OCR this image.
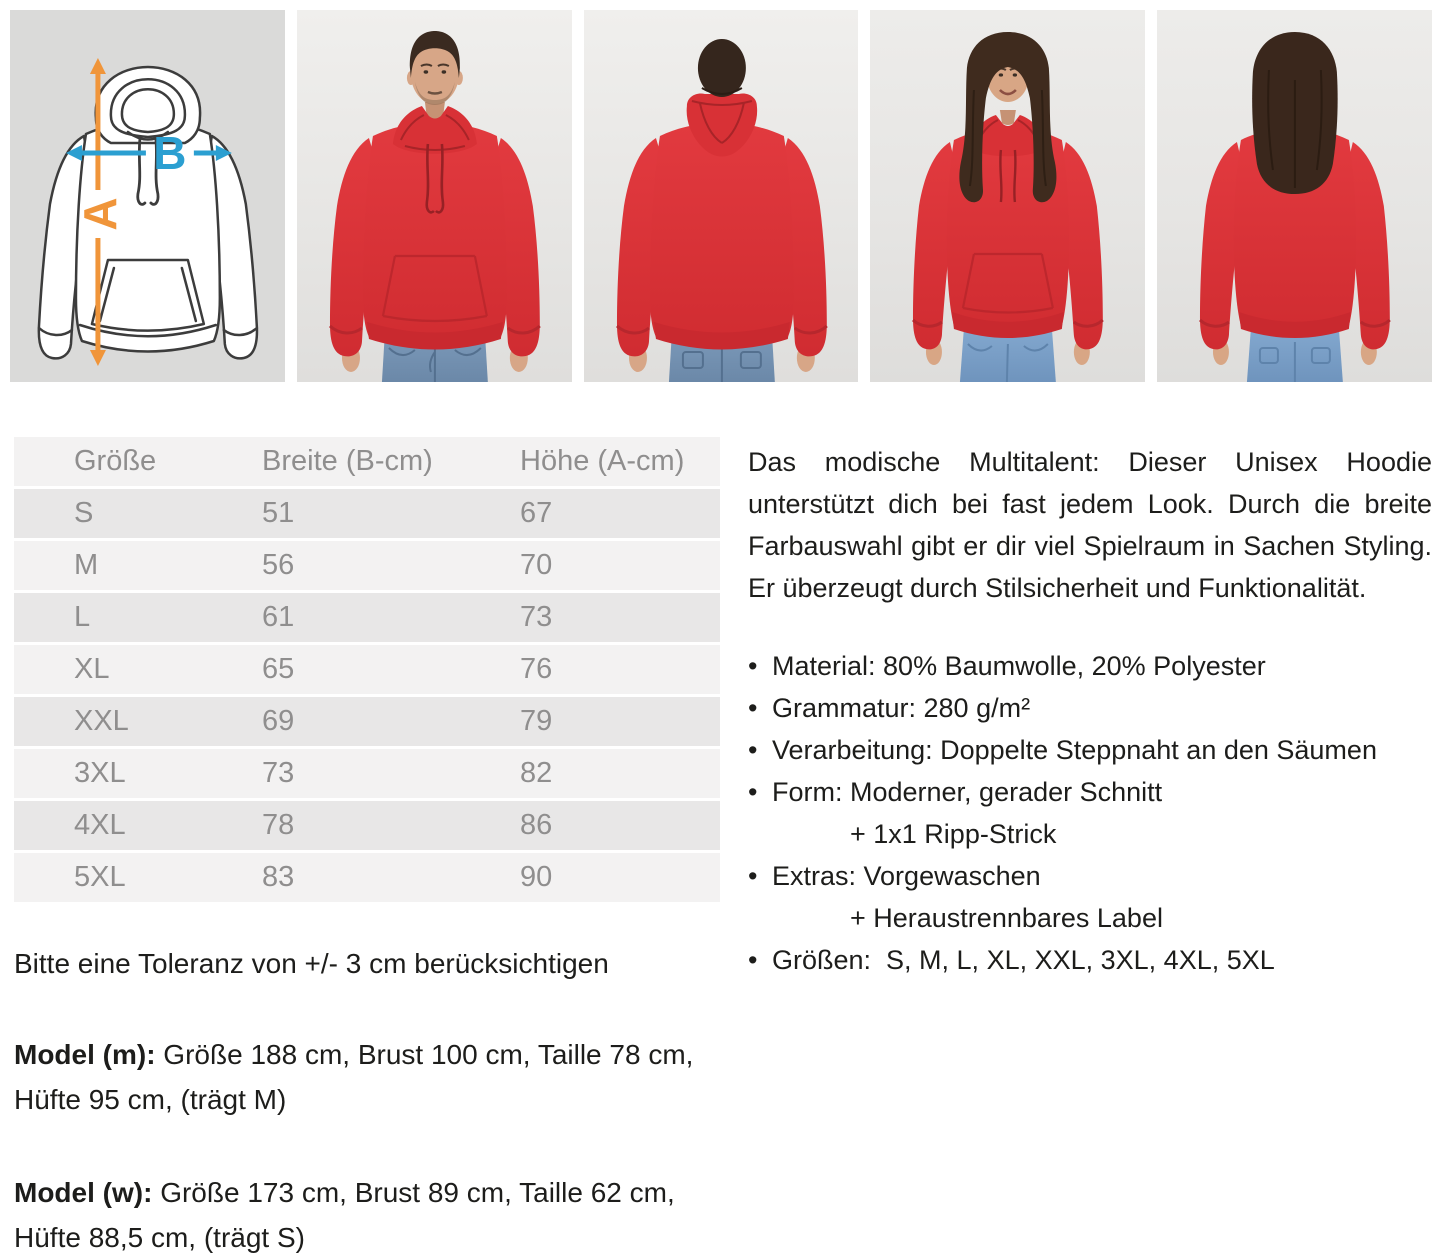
A
B
Größe	Breite (B-cm)	Höhe (A-cm)
S	51	67
M	56	70
L	61	73
XL	65	76
XXL	69	79
3XL	73	82
4XL	78	86
5XL	83	90
Bitte eine Toleranz von +/- 3 cm berücksichtigen
Model (m): Größe 188 cm, Brust 100 cm, Taille 78 cm, Hüfte 95 cm, (trägt M)
Model (w): Größe 173 cm, Brust 89 cm, Taille 62 cm, Hüfte 88,5 cm, (trägt S)

Das modische Multitalent: Dieser Unisex Hoodie unterstützt dich bei fast jedem Look. Durch die breite Farbauswahl gibt er dir viel Spielraum in Sachen Styling. Er überzeugt durch Stilsicherheit und Funktionalität.

• Material: 80% Baumwolle, 20% Polyester
• Grammatur: 280 g/m²
• Verarbeitung: Doppelte Steppnaht an den Säumen
• Form: Moderner, gerader Schnitt
+ 1x1 Ripp-Strick
• Extras: Vorgewaschen
+ Heraustrennbares Label
• Größen:  S, M, L, XL, XXL, 3XL, 4XL, 5XL
